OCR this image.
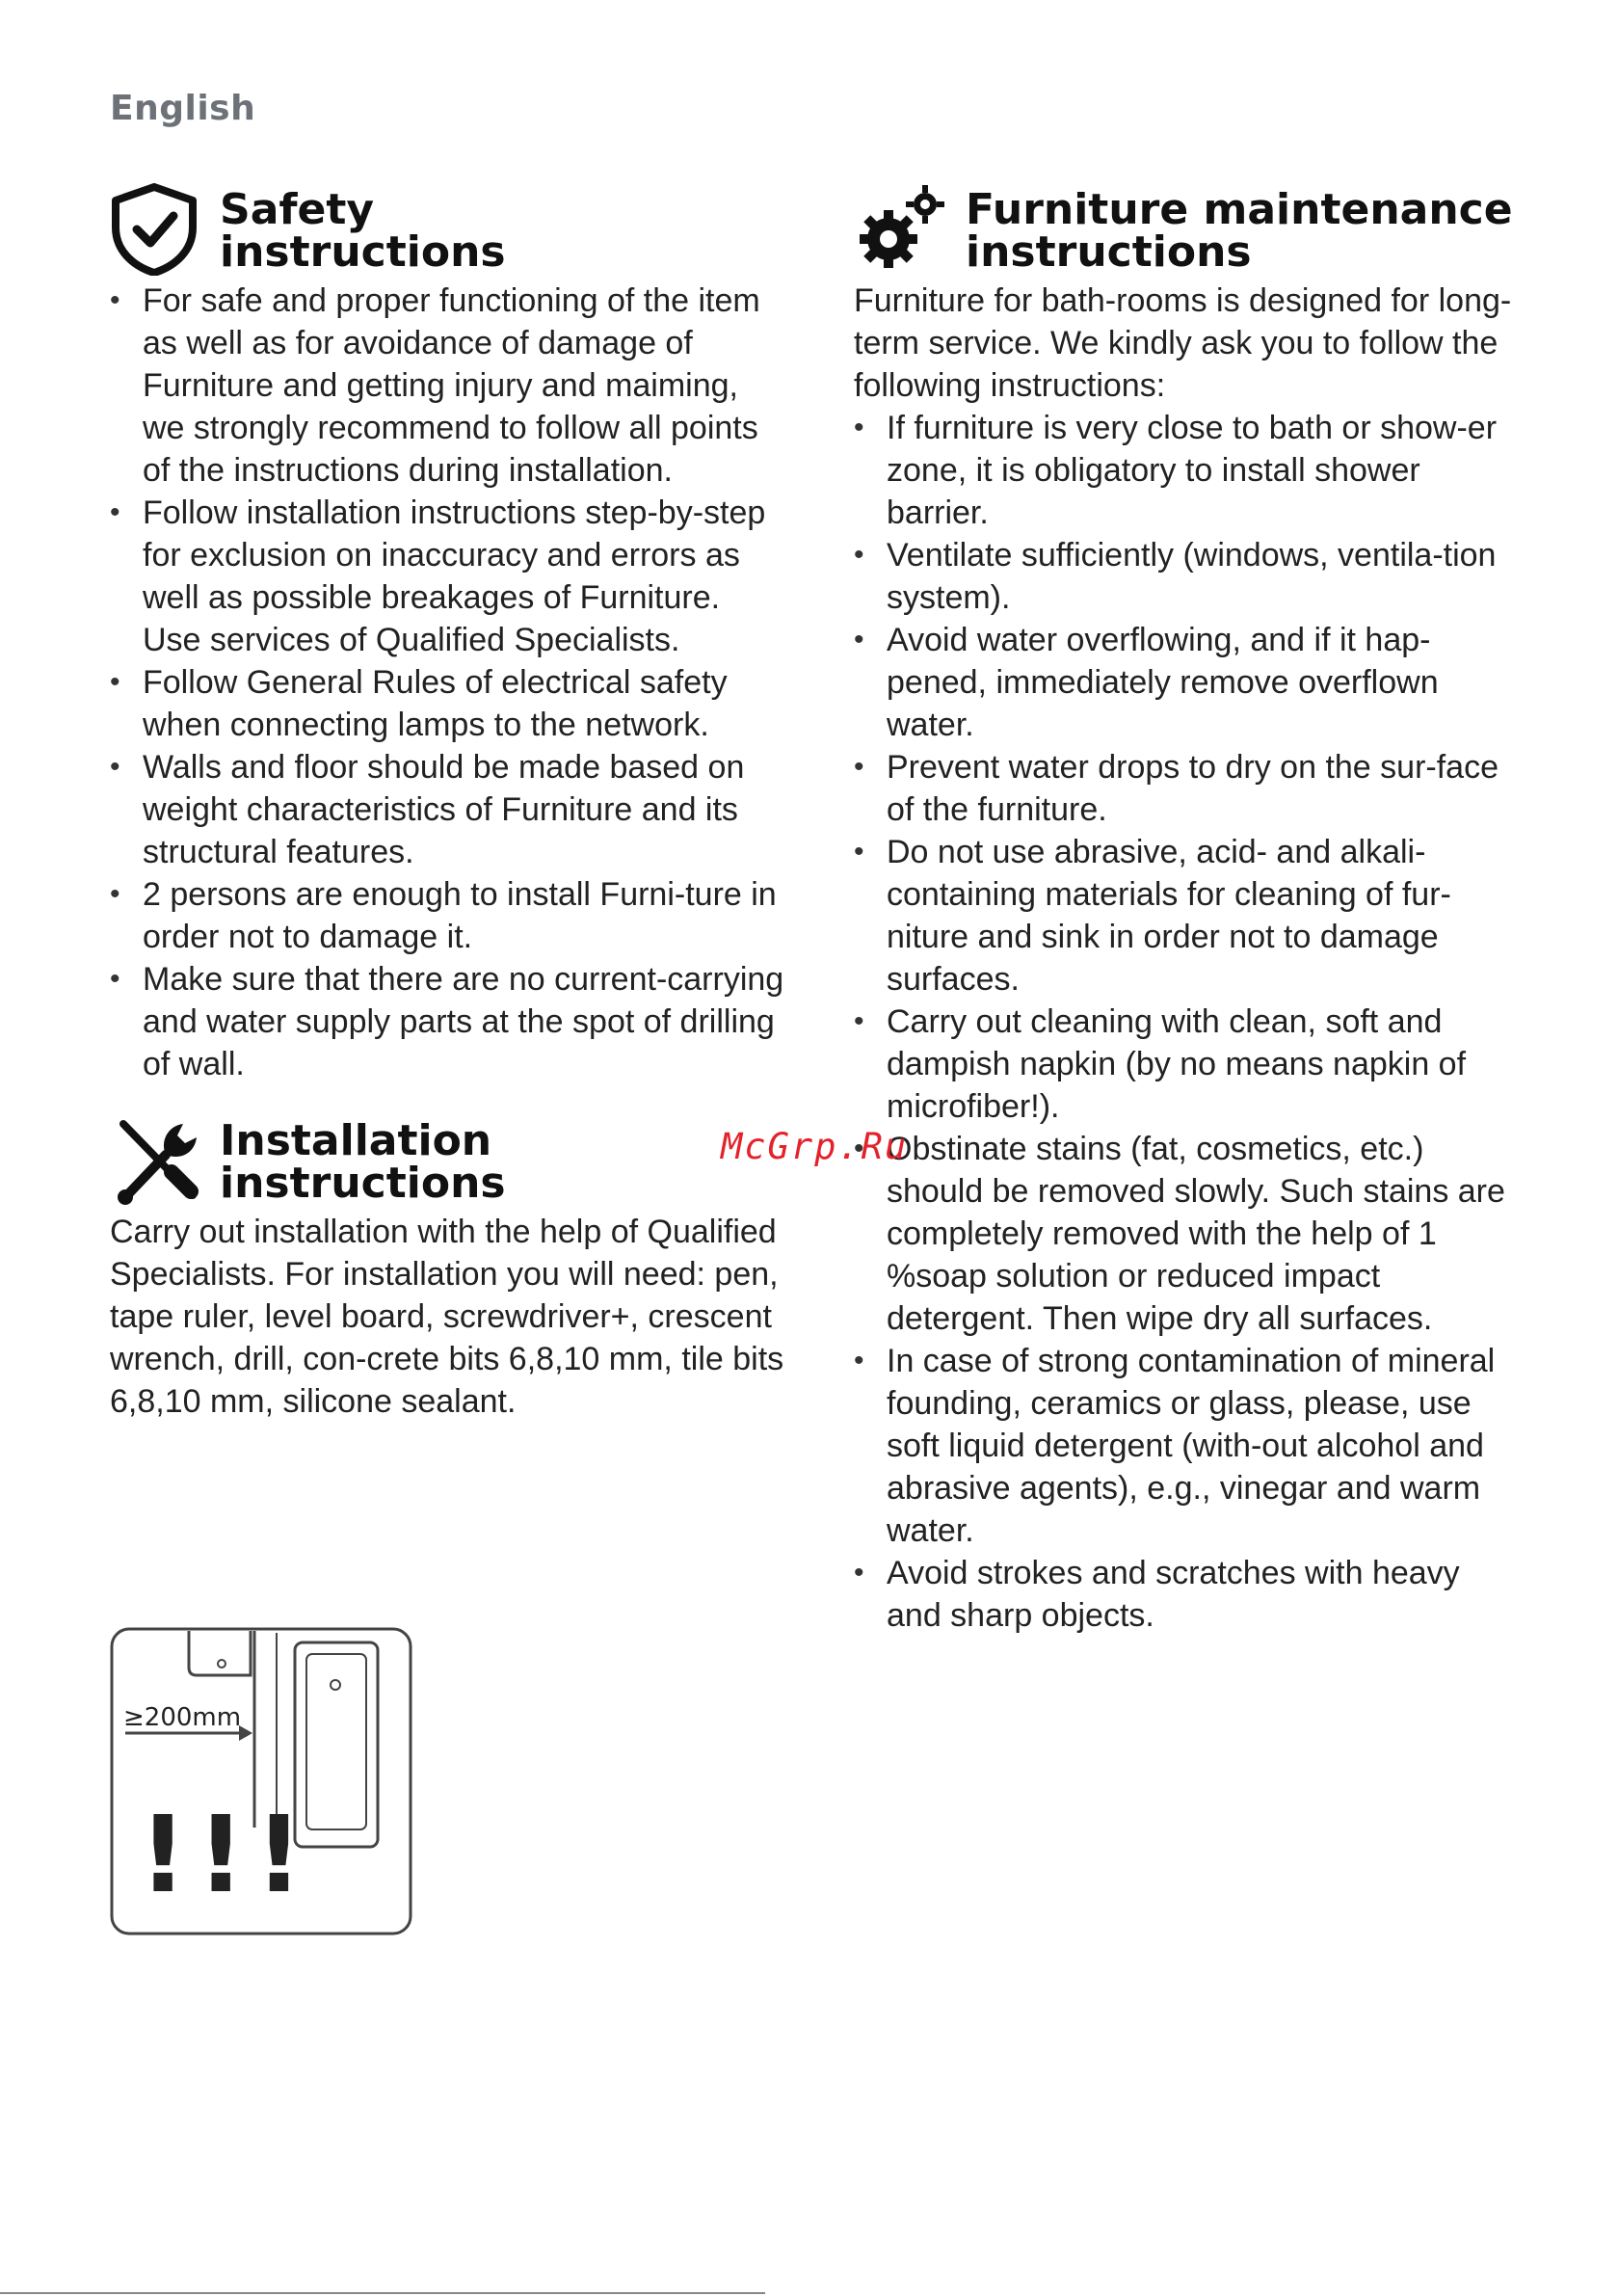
English
Safety
instructions
• For safe and proper functioning of the item as well as for avoidance of damage of Furniture and getting injury and maiming, we strongly recommend to follow all points of the instructions during installation.
• Follow installation instructions step-by-step for exclusion on inaccuracy and errors as well as possible breakages of Furniture. Use services of Qualified Specialists.
• Follow General Rules of electrical safety when connecting lamps to the network.
• Walls and floor should be made based on weight characteristics of Furniture and its structural features.
• 2 persons are enough to install Furni-ture in order not to damage it.
• Make sure that there are no current-carrying and water supply parts at the spot of drilling of wall.
Installation
instructions

Carry out installation with the help of Qualified Specialists. For installation you will need: pen, tape ruler, level board, screwdriver+, crescent wrench, drill, con-crete bits 6,8,10 mm, tile bits 6,8,10 mm, silicone sealant.

≥200mm
!!!
Furniture maintenance
instructions

Furniture for bath-rooms is designed for long-term service. We kindly ask you to follow the following instructions:

• If furniture is very close to bath or show-er zone, it is obligatory to install shower barrier.
• Ventilate sufficiently (windows, ventila-tion system).
• Avoid water overflowing, and if it hap-pened, immediately remove overflown water.
• Prevent water drops to dry on the sur-face of the furniture.
• Do not use abrasive, acid- and alkali-containing materials for cleaning of fur-niture and sink in order not to damage surfaces.
• Carry out cleaning with clean, soft and dampish napkin (by no means napkin of microfiber!).
• Obstinate stains (fat, cosmetics, etc.) should be removed slowly. Such stains are completely removed with the help of 1 %soap solution or reduced impact detergent. Then wipe dry all surfaces.
• In case of strong contamination of mineral founding, ceramics or glass, please, use soft liquid detergent (with-out alcohol and abrasive agents), e.g., vinegar and warm water.
• Avoid strokes and scratches with heavy and sharp objects.
McGrp.Ru
